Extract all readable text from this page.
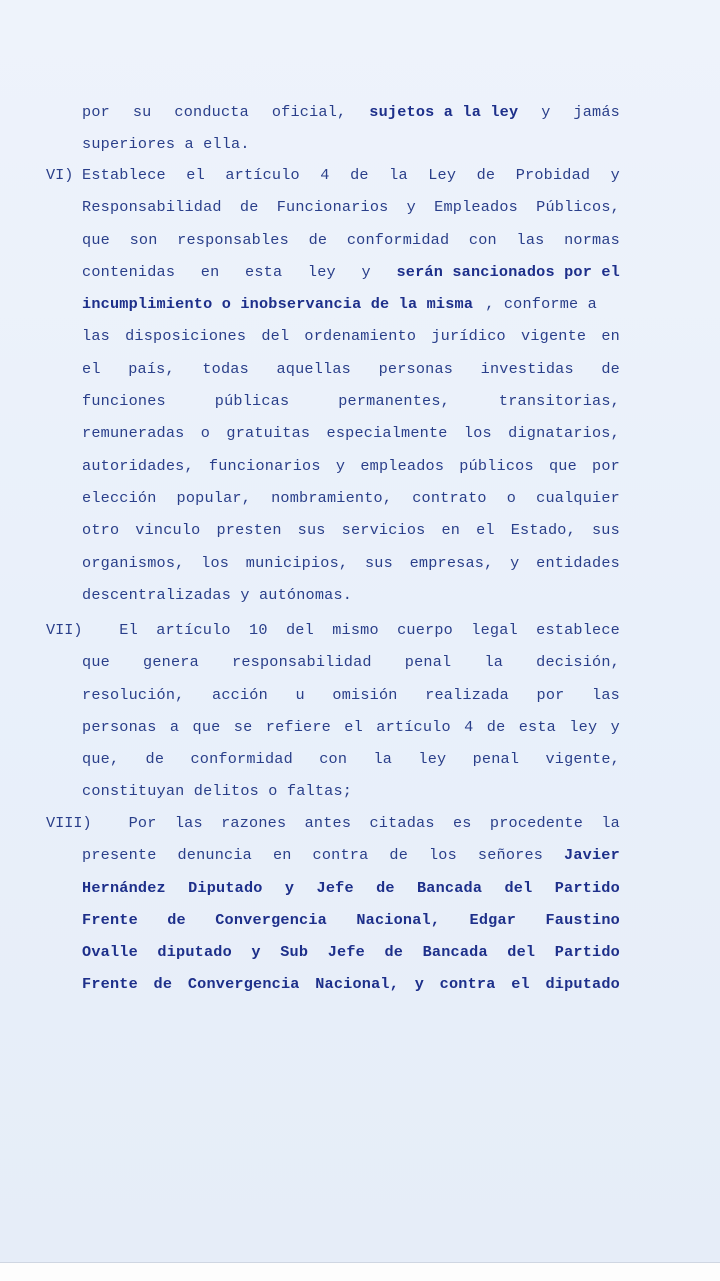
por su conducta oficial, sujetos a la ley y jamás
superiores a ella.
VI) Establece el artículo 4 de la Ley de Probidad y
Responsabilidad de Funcionarios y Empleados Públicos,
que son responsables de conformidad con las normas
contenidas en esta ley y serán sancionados por el
incumplimiento o inobservancia de la misma , conforme a
las disposiciones del ordenamiento jurídico vigente en
el país, todas aquellas personas investidas de
funciones	públicas	permanentes,	transitorias,
remuneradas o gratuitas especialmente los dignatarios,
autoridades, funcionarios y empleados públicos que por
elección popular, nombramiento, contrato o cualquier
otro vinculo presten sus servicios en el Estado, sus
organismos, los municipios, sus empresas, y entidades
descentralizadas y autónomas.
VII) El artículo 10 del mismo cuerpo legal establece
que genera responsabilidad penal la decisión,
resolución, acción u omisión realizada por las
personas a que se refiere el artículo 4 de esta ley y
que, de conformidad con la ley penal vigente,
constituyan delitos o faltas;
VIII)
Por las razones antes citadas es procedente la
presente denuncia en contra de los señores Javier
Hernández Diputado y Jefe de Bancada del Partido
Frente de Convergencia Nacional, Edgar Faustino
Ovalle diputado y Sub Jefe de Bancada del Partido
Frente de Convergencia Nacional, y contra el diputado
